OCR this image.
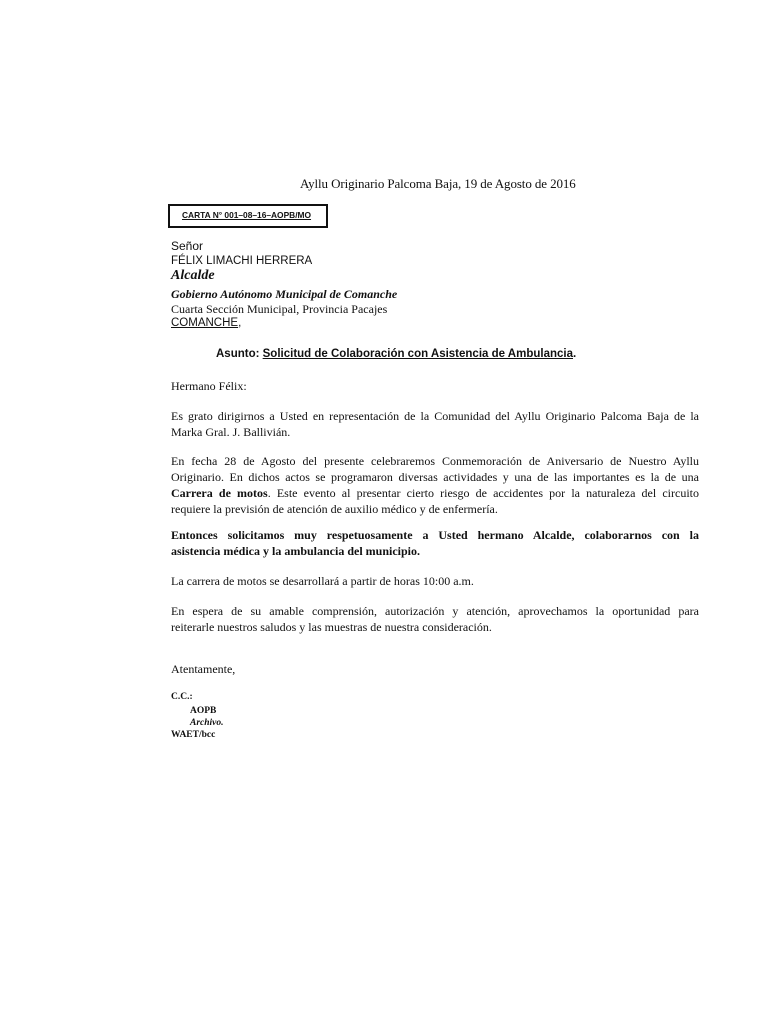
Ayllu Originario Palcoma Baja, 19 de Agosto de 2016
CARTA N° 001–08–16–AOPB/MO
Señor
FÉLIX LIMACHI HERRERA
Alcalde
Gobierno Autónomo Municipal de Comanche
Cuarta Sección Municipal, Provincia Pacajes
COMANCHE,
Asunto: Solicitud de Colaboración con Asistencia de Ambulancia.
Hermano Félix:
Es grato dirigirnos a Usted en representación de la Comunidad del Ayllu Originario Palcoma Baja de la
Marka Gral. J. Ballivián.
En fecha 28 de Agosto del presente celebraremos Conmemoración de Aniversario de Nuestro Ayllu
Originario. En dichos actos se programaron diversas actividades y una de las importantes es la de una
Carrera de motos. Este evento al presentar cierto riesgo de accidentes por la naturaleza del circuito
requiere la previsión de atención de auxilio médico y de enfermería.
Entonces solicitamos muy respetuosamente a Usted hermano Alcalde, colaborarnos con la
asistencia médica y la ambulancia del municipio.
La carrera de motos se desarrollará a partir de horas 10:00 a.m.
En espera de su amable comprensión, autorización y atención, aprovechamos la oportunidad para
reiterarle nuestros saludos y las muestras de nuestra consideración.
Atentamente,
C.C.:
AOPB
Archivo.
WAET/bcc
